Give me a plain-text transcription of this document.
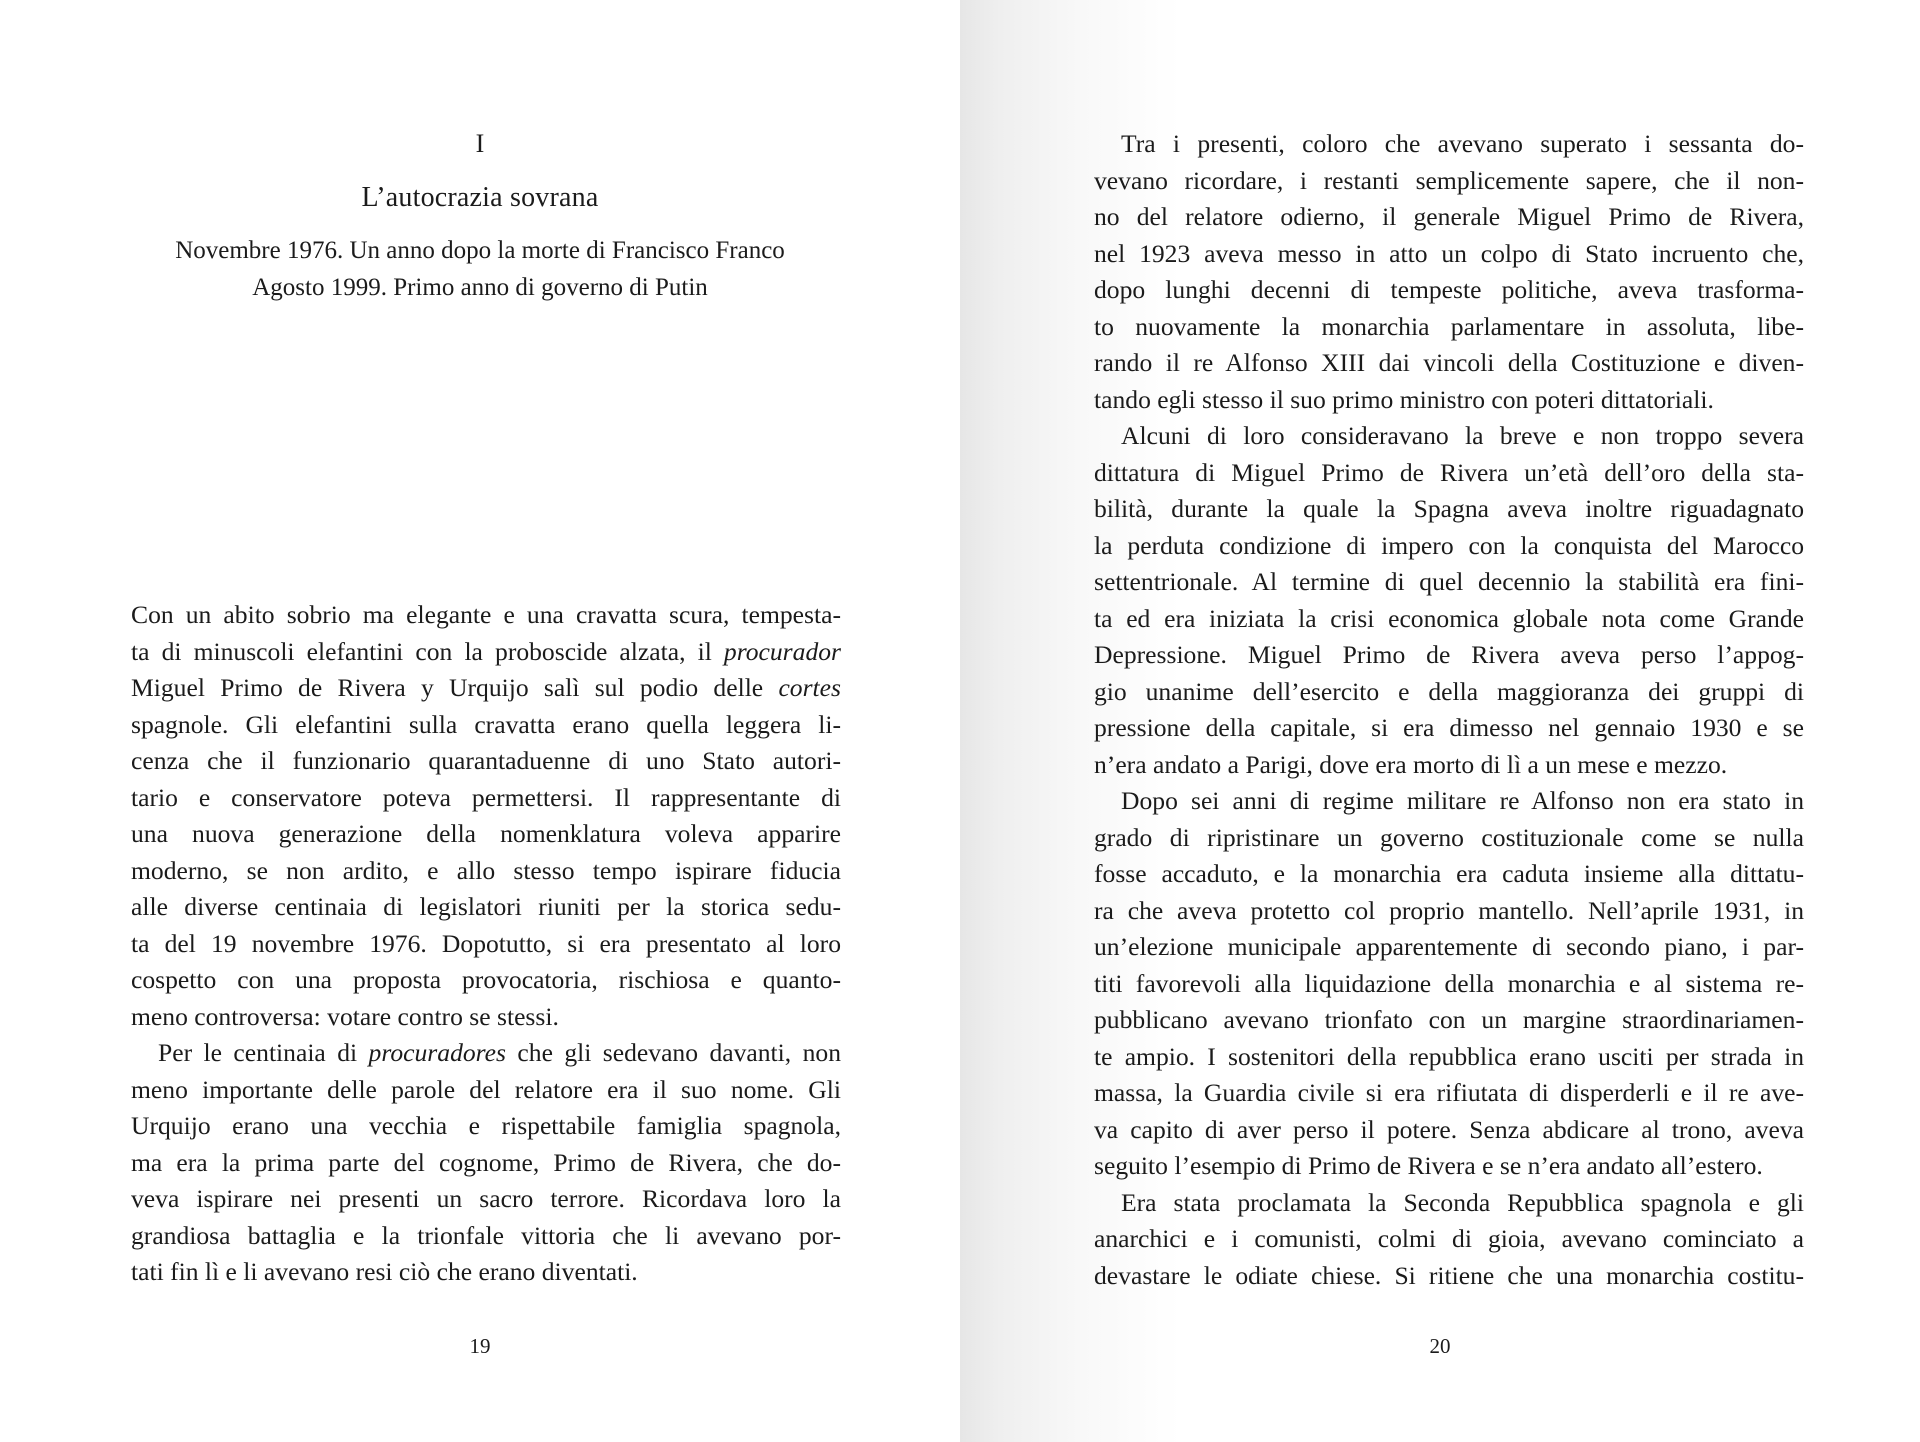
I
L’autocrazia sovrana
Novembre 1976. Un anno dopo la morte di Francisco Franco
Agosto 1999. Primo anno di governo di Putin

Con un abito sobrio ma elegante e una cravatta scura, tempesta-
ta di minuscoli elefantini con la proboscide alzata, il procurador
Miguel Primo de Rivera y Urquijo salì sul podio delle cortes
spagnole. Gli elefantini sulla cravatta erano quella leggera li-
cenza che il funzionario quarantaduenne di uno Stato autori-
tario e conservatore poteva permettersi. Il rappresentante di
una nuova generazione della nomenklatura voleva apparire
moderno, se non ardito, e allo stesso tempo ispirare fiducia
alle diverse centinaia di legislatori riuniti per la storica sedu-
ta del 19 novembre 1976. Dopotutto, si era presentato al loro
cospetto con una proposta provocatoria, rischiosa e quanto-
meno controversa: votare contro se stessi.

Per le centinaia di procuradores che gli sedevano davanti, non
meno importante delle parole del relatore era il suo nome. Gli
Urquijo erano una vecchia e rispettabile famiglia spagnola,
ma era la prima parte del cognome, Primo de Rivera, che do-
veva ispirare nei presenti un sacro terrore. Ricordava loro la
grandiosa battaglia e la trionfale vittoria che li avevano por-
tati fin lì e li avevano resi ciò che erano diventati.

19

Tra i presenti, coloro che avevano superato i sessanta do-
vevano ricordare, i restanti semplicemente sapere, che il non-
no del relatore odierno, il generale Miguel Primo de Rivera,
nel 1923 aveva messo in atto un colpo di Stato incruento che,
dopo lunghi decenni di tempeste politiche, aveva trasforma-
to nuovamente la monarchia parlamentare in assoluta, libe-
rando il re Alfonso XIII dai vincoli della Costituzione e diven-
tando egli stesso il suo primo ministro con poteri dittatoriali.

Alcuni di loro consideravano la breve e non troppo severa
dittatura di Miguel Primo de Rivera un’età dell’oro della sta-
bilità, durante la quale la Spagna aveva inoltre riguadagnato
la perduta condizione di impero con la conquista del Marocco
settentrionale. Al termine di quel decennio la stabilità era fini-
ta ed era iniziata la crisi economica globale nota come Grande
Depressione. Miguel Primo de Rivera aveva perso l’appog-
gio unanime dell’esercito e della maggioranza dei gruppi di
pressione della capitale, si era dimesso nel gennaio 1930 e se
n’era andato a Parigi, dove era morto di lì a un mese e mezzo.

Dopo sei anni di regime militare re Alfonso non era stato in
grado di ripristinare un governo costituzionale come se nulla
fosse accaduto, e la monarchia era caduta insieme alla dittatu-
ra che aveva protetto col proprio mantello. Nell’aprile 1931, in
un’elezione municipale apparentemente di secondo piano, i par-
titi favorevoli alla liquidazione della monarchia e al sistema re-
pubblicano avevano trionfato con un margine straordinariamen-
te ampio. I sostenitori della repubblica erano usciti per strada in
massa, la Guardia civile si era rifiutata di disperderli e il re ave-
va capito di aver perso il potere. Senza abdicare al trono, aveva
seguito l’esempio di Primo de Rivera e se n’era andato all’estero.

Era stata proclamata la Seconda Repubblica spagnola e gli
anarchici e i comunisti, colmi di gioia, avevano cominciato a
devastare le odiate chiese. Si ritiene che una monarchia costitu-

20
